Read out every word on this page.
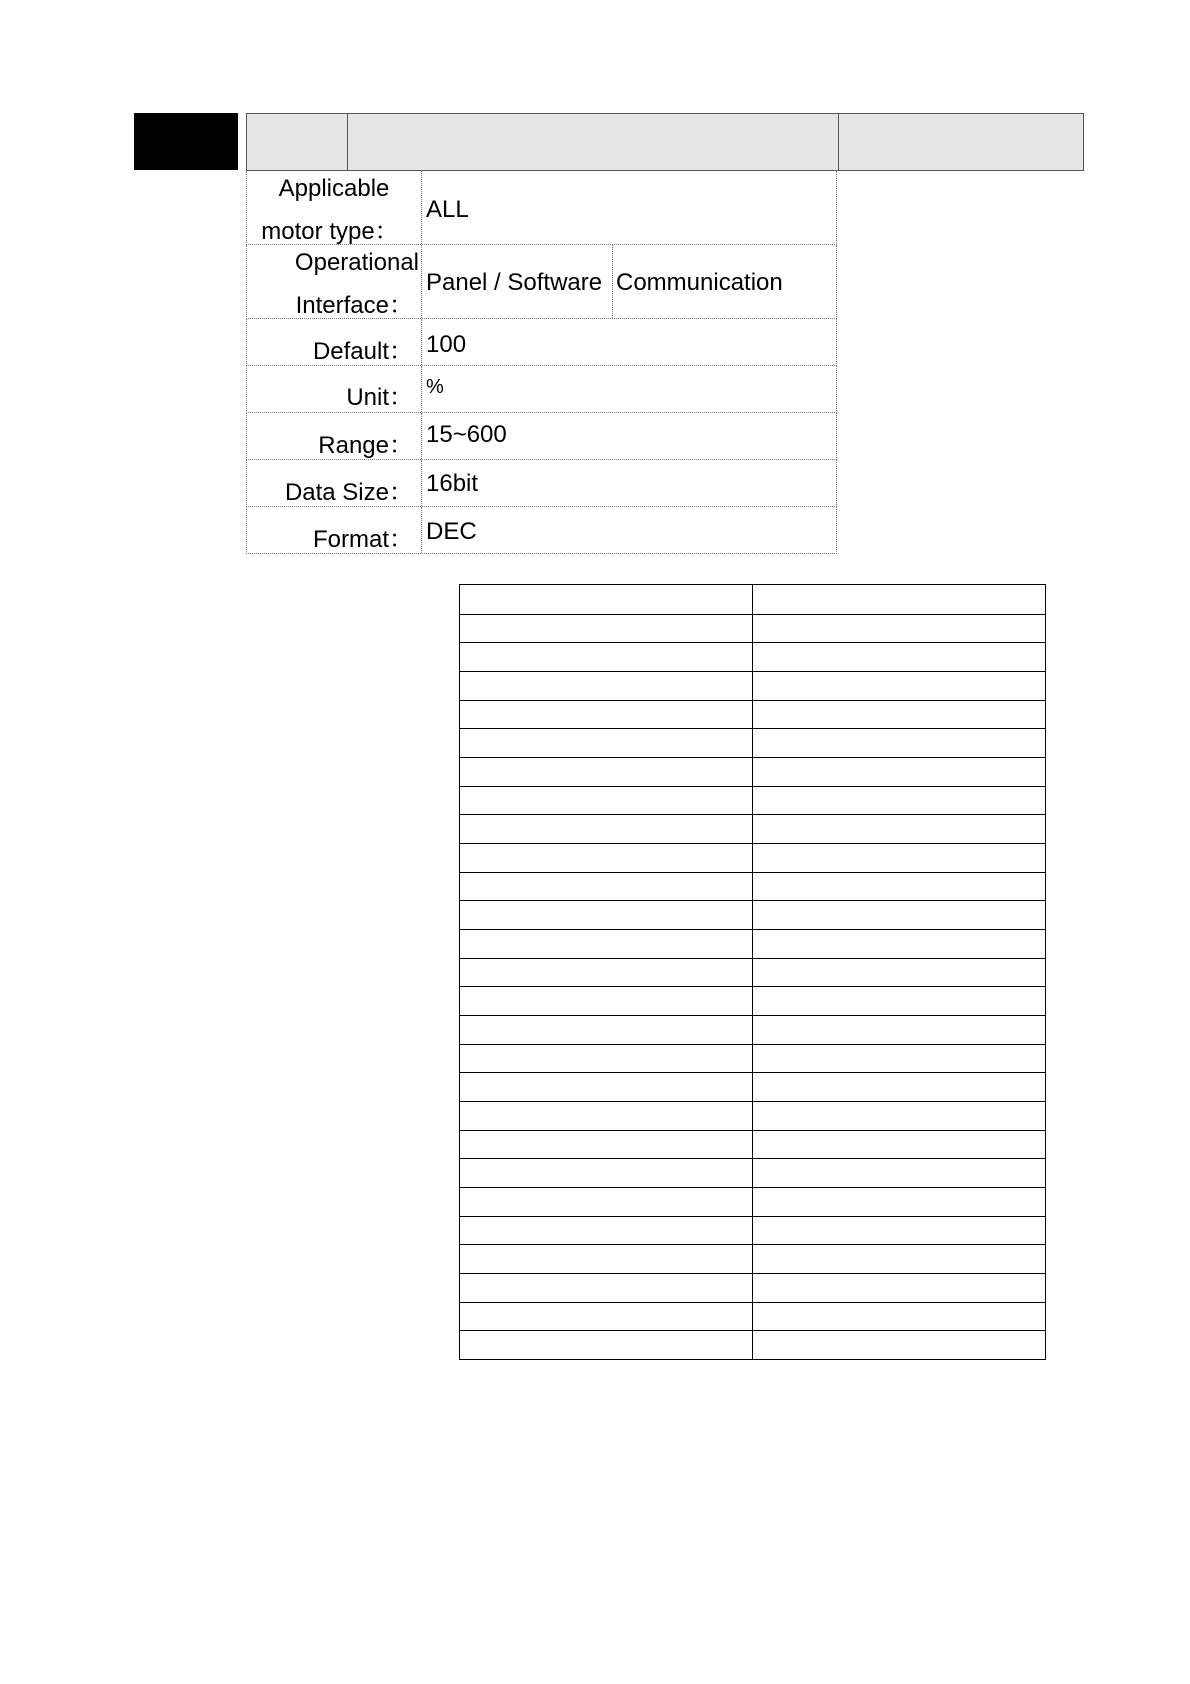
Applicable
motor type：
ALL
Operational
Interface：
Panel / Software Communication
Default： 100
Unit： %
Range： 15~600
Data Size： 16bit
Format： DEC
